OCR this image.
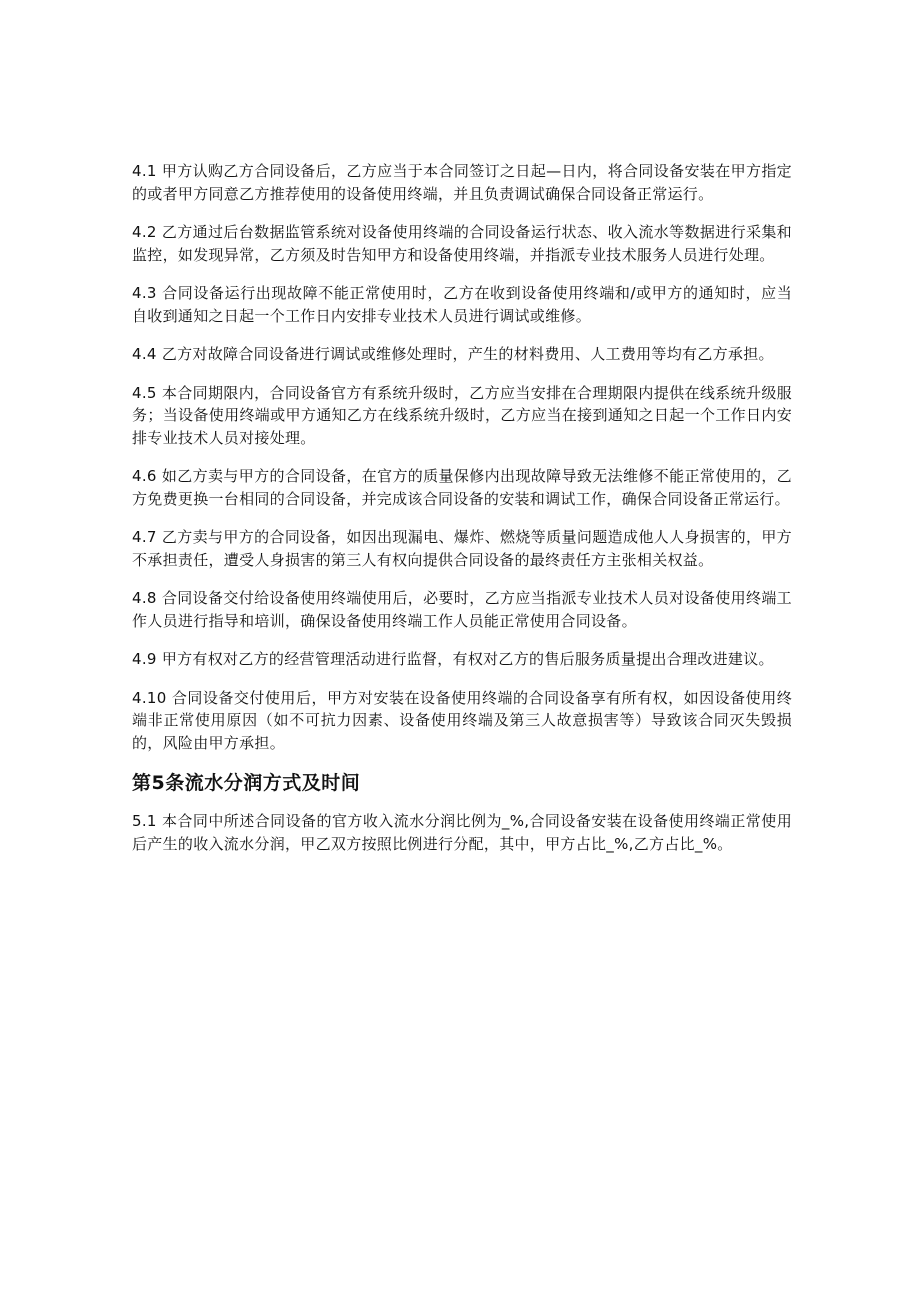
4.1 甲方认购乙方合同设备后，乙方应当于本合同签订之日起—日内，将合同设备安装在甲方指定的或者甲方同意乙方推荐使用的设备使用终端，并且负责调试确保合同设备正常运行。

4.2 乙方通过后台数据监管系统对设备使用终端的合同设备运行状态、收入流水等数据进行采集和监控，如发现异常，乙方须及时告知甲方和设备使用终端，并指派专业技术服务人员进行处理。

4.3 合同设备运行出现故障不能正常使用时，乙方在收到设备使用终端和/或甲方的通知时，应当自收到通知之日起一个工作日内安排专业技术人员进行调试或维修。

4.4 乙方对故障合同设备进行调试或维修处理时，产生的材料费用、人工费用等均有乙方承担。

4.5 本合同期限内，合同设备官方有系统升级时，乙方应当安排在合理期限内提供在线系统升级服务；当设备使用终端或甲方通知乙方在线系统升级时，乙方应当在接到通知之日起一个工作日内安排专业技术人员对接处理。

4.6 如乙方卖与甲方的合同设备，在官方的质量保修内出现故障导致无法维修不能正常使用的，乙方免费更换一台相同的合同设备，并完成该合同设备的安装和调试工作，确保合同设备正常运行。

4.7 乙方卖与甲方的合同设备，如因出现漏电、爆炸、燃烧等质量问题造成他人人身损害的，甲方不承担责任，遭受人身损害的第三人有权向提供合同设备的最终责任方主张相关权益。

4.8 合同设备交付给设备使用终端使用后，必要时，乙方应当指派专业技术人员对设备使用终端工作人员进行指导和培训，确保设备使用终端工作人员能正常使用合同设备。

4.9 甲方有权对乙方的经营管理活动进行监督，有权对乙方的售后服务质量提出合理改进建议。

4.10 合同设备交付使用后，甲方对安装在设备使用终端的合同设备享有所有权，如因设备使用终端非正常使用原因（如不可抗力因素、设备使用终端及第三人故意损害等）导致该合同灭失毁损的，风险由甲方承担。

第5条流水分润方式及时间

5.1 本合同中所述合同设备的官方收入流水分润比例为_%,合同设备安装在设备使用终端正常使用后产生的收入流水分润，甲乙双方按照比例进行分配，其中，甲方占比_%,乙方占比_%。
